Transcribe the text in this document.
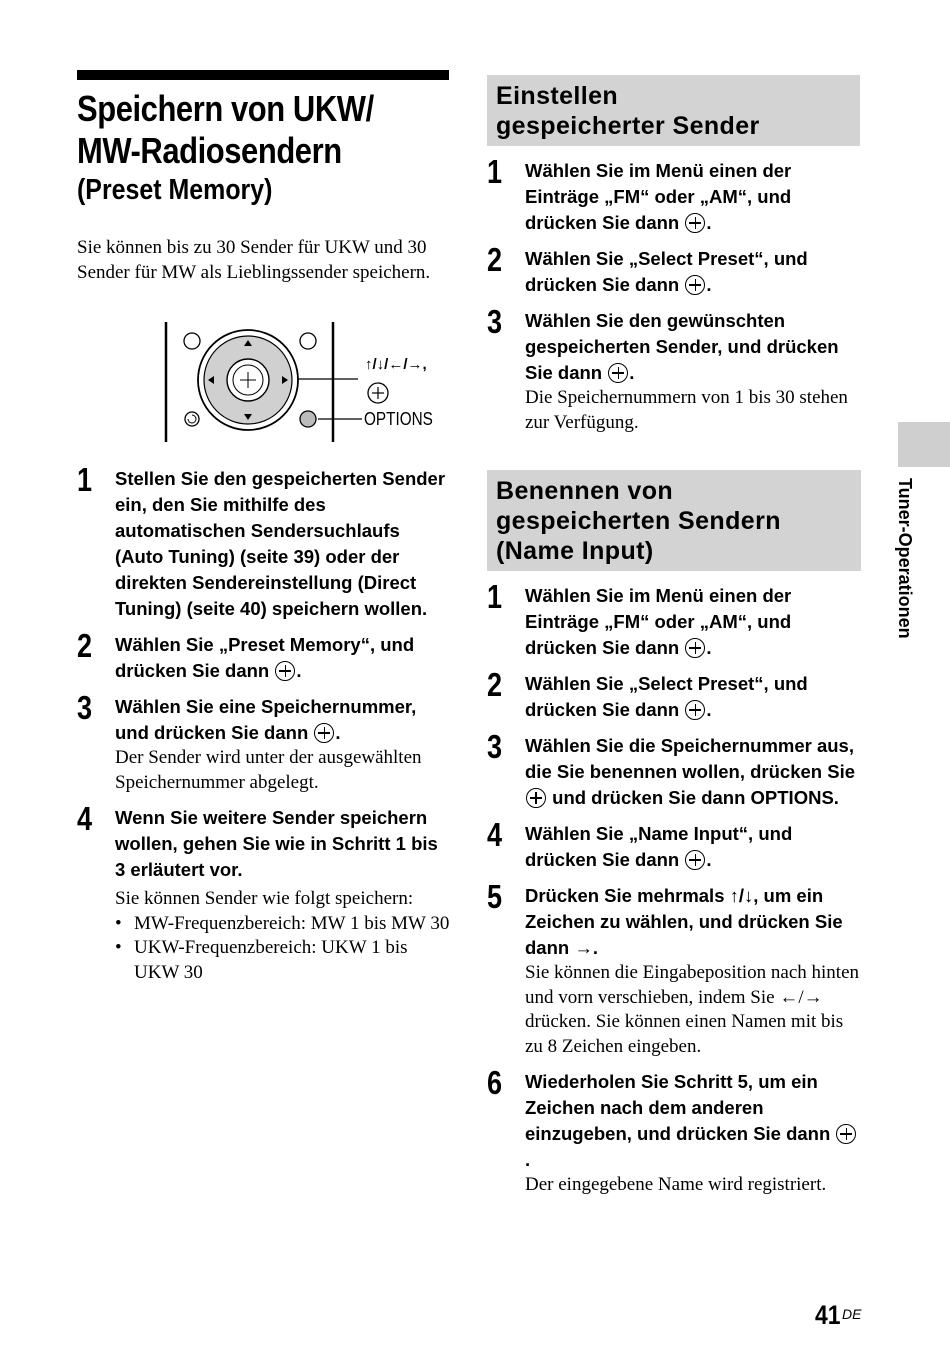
Speichern von UKW/
MW-Radiosendern
(Preset Memory)
Sie können bis zu 30 Sender für UKW und 30 Sender für MW als Lieblingssender speichern.
↑/↓/←/→,
OPTIONS
1 Stellen Sie den gespeicherten Sender ein, den Sie mithilfe des automatischen Sendersuchlaufs (Auto Tuning) (seite 39) oder der direkten Sendereinstellung (Direct Tuning) (seite 40) speichern wollen.
2 Wählen Sie „Preset Memory“, und drücken Sie dann .
3 Wählen Sie eine Speichernummer, und drücken Sie dann .
Der Sender wird unter der ausgewählten Speichernummer abgelegt.
4 Wenn Sie weitere Sender speichern wollen, gehen Sie wie in Schritt 1 bis 3 erläutert vor.
Sie können Sender wie folgt speichern:
• MW-Frequenzbereich: MW 1 bis MW 30
• UKW-Frequenzbereich: UKW 1 bis UKW 30
Einstellen
gespeicherter Sender
1 Wählen Sie im Menü einen der Einträge „FM“ oder „AM“, und drücken Sie dann .
2 Wählen Sie „Select Preset“, und drücken Sie dann .
3 Wählen Sie den gewünschten gespeicherten Sender, und drücken Sie dann .
Die Speichernummern von 1 bis 30 stehen zur Verfügung.
Benennen von
gespeicherten Sendern
(Name Input)
1 Wählen Sie im Menü einen der Einträge „FM“ oder „AM“, und drücken Sie dann .
2 Wählen Sie „Select Preset“, und drücken Sie dann .
3 Wählen Sie die Speichernummer aus, die Sie benennen wollen, drücken Sie  und drücken Sie dann OPTIONS.
4 Wählen Sie „Name Input“, und drücken Sie dann .
5 Drücken Sie mehrmals ↑/↓, um ein Zeichen zu wählen, und drücken Sie dann →.
Sie können die Eingabeposition nach hinten und vorn verschieben, indem Sie ←/→ drücken. Sie können einen Namen mit bis zu 8 Zeichen eingeben.
6 Wiederholen Sie Schritt 5, um ein Zeichen nach dem anderen einzugeben, und drücken Sie dann .
Der eingegebene Name wird registriert.
Tuner-Operationen
41 DE
